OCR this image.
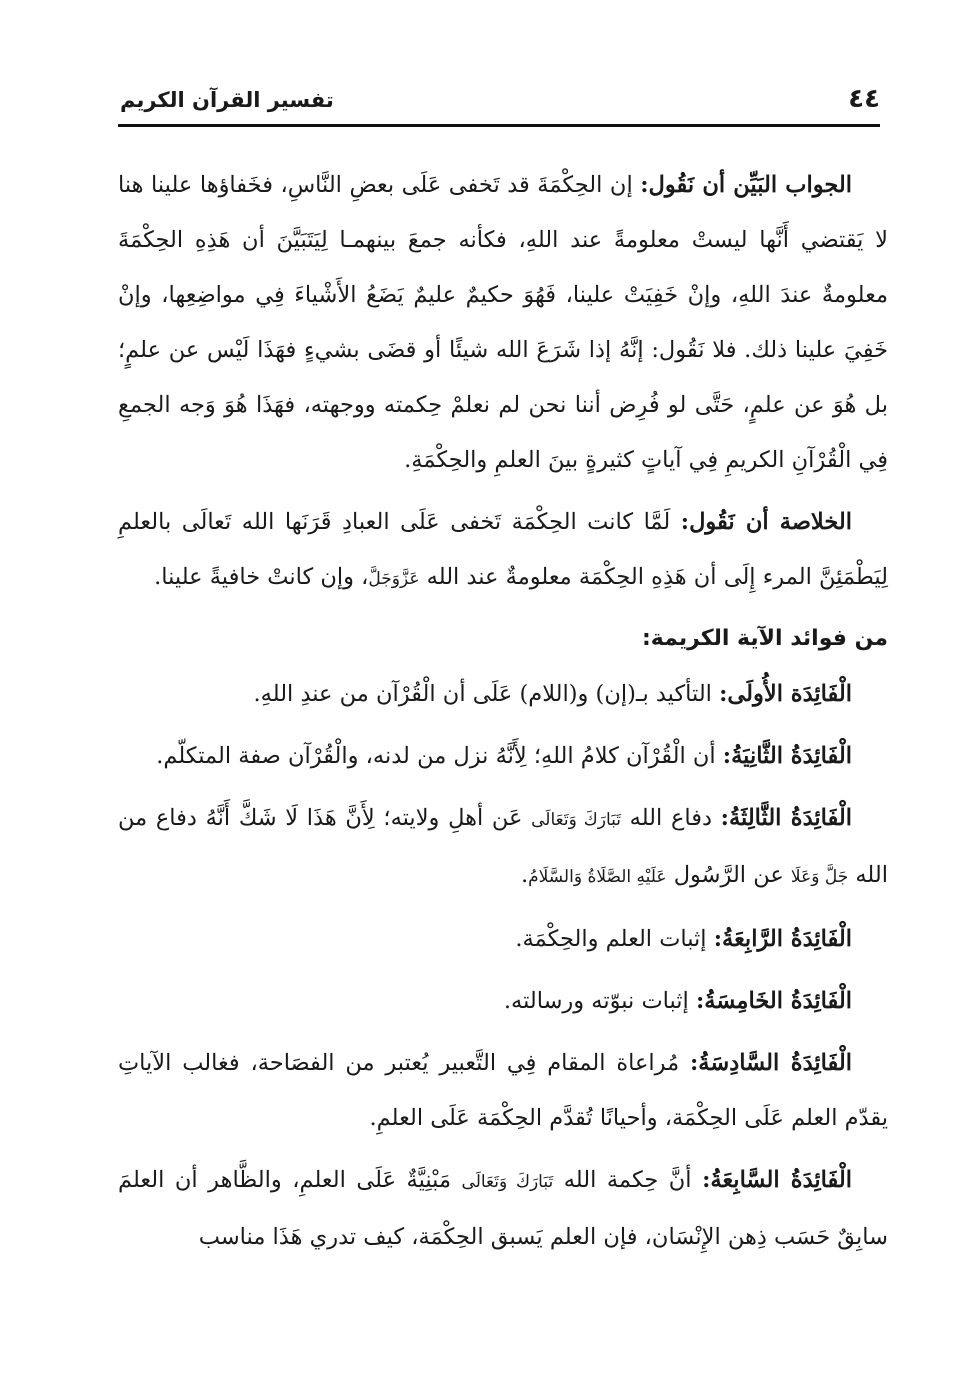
٤٤
تفسير القرآن الكريم

الجواب البَيِّن أن نَقُول: إن الحِكْمَةَ قد تَخفى عَلَى بعضِ النَّاسِ، فخَفاؤها علينا هنا لا يَقتضي أَنَّها ليستْ معلومةً عند اللهِ، فكأنه جمعَ بينهمـا لِيَتَبَيَّنَ أن هَذِهِ الحِكْمَةَ معلومةٌ عندَ اللهِ، وإنْ خَفِيَتْ علينا، فَهُوَ حكيمٌ عليمٌ يَضَعُ الأَشْياءَ فِي مواضِعِها، وإنْ خَفِيَ علينا ذلك. فلا نَقُول: إنَّهُ إذا شَرَعَ الله شيئًا أو قضَى بشيءٍ فهَذَا لَيْس عن علمٍ؛ بل هُوَ عن علمٍ، حَتَّى لو فُرِض أننا نحن لم نعلمْ حِكمته ووجهته، فهَذَا هُوَ وَجه الجمعِ فِي الْقُرْآنِ الكريمِ فِي آياتٍ كثيرةٍ بينَ العلمِ والحِكْمَةِ.

الخلاصة أن نَقُول: لَمَّا كانت الحِكْمَة تَخفى عَلَى العبادِ قَرَنَها الله تَعالَى بالعلمِ لِيَطْمَئِنَّ المرء إِلَى أن هَذِهِ الحِكْمَة معلومةٌ عند الله عَزَّوَجَلَّ، وإن كانتْ خافيةً علينا.

من فوائد الآية الكريمة:

الْفَائِدَة الأُولَى: التأكيد بـ(إن) و(اللام) عَلَى أن الْقُرْآن من عندِ اللهِ.

الْفَائِدَةُ الثَّانِيَةُ: أن الْقُرْآن كلامُ اللهِ؛ لِأَنَّهُ نزل من لدنه، والْقُرْآن صفة المتكلّم.

الْفَائِدَةُ الثَّالِثَةُ: دفاع الله تَبَارَكَ وَتَعَالَى عَن أهلِ ولايته؛ لِأَنَّ هَذَا لَا شَكَّ أَنَّهُ دفاع من الله جَلَّ وَعَلَا عن الرَّسُول عَلَيْهِ الصَّلَاةُ وَالسَّلَامُ.

الْفَائِدَةُ الرَّابِعَةُ: إثبات العلم والحِكْمَة.

الْفَائِدَةُ الخَامِسَةُ: إثبات نبوّته ورسالته.

الْفَائِدَةُ السَّادِسَةُ: مُراعاة المقام فِي التَّعبير يُعتبر من الفصَاحة، فغالب الآياتِ يقدّم العلم عَلَى الحِكْمَة، وأحيانًا تُقدَّم الحِكْمَة عَلَى العلمِ.

الْفَائِدَةُ السَّابِعَةُ: أنَّ حِكمة الله تَبَارَكَ وَتَعَالَى مَبْنِيَّةٌ عَلَى العلمِ، والظَّاهر أن العلمَ سابِقٌ حَسَب ذِهن الإِنْسَان، فإن العلم يَسبق الحِكْمَة، كيف تدري هَذَا مناسب
